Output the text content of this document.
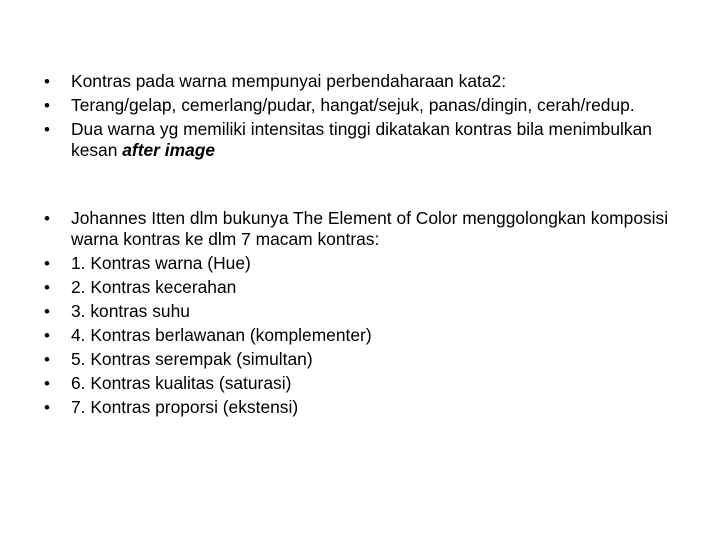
• Kontras pada warna mempunyai perbendaharaan kata2:
• Terang/gelap, cemerlang/pudar, hangat/sejuk, panas/dingin, cerah/redup.
• Dua warna yg memiliki intensitas tinggi dikatakan kontras bila menimbulkan kesan after image
• Johannes Itten dlm bukunya The Element of Color menggolongkan komposisi warna kontras ke dlm 7 macam kontras:
• 1. Kontras warna (Hue)
• 2. Kontras kecerahan
• 3. kontras suhu
• 4. Kontras berlawanan (komplementer)
• 5. Kontras serempak (simultan)
• 6. Kontras kualitas (saturasi)
• 7. Kontras proporsi (ekstensi)
